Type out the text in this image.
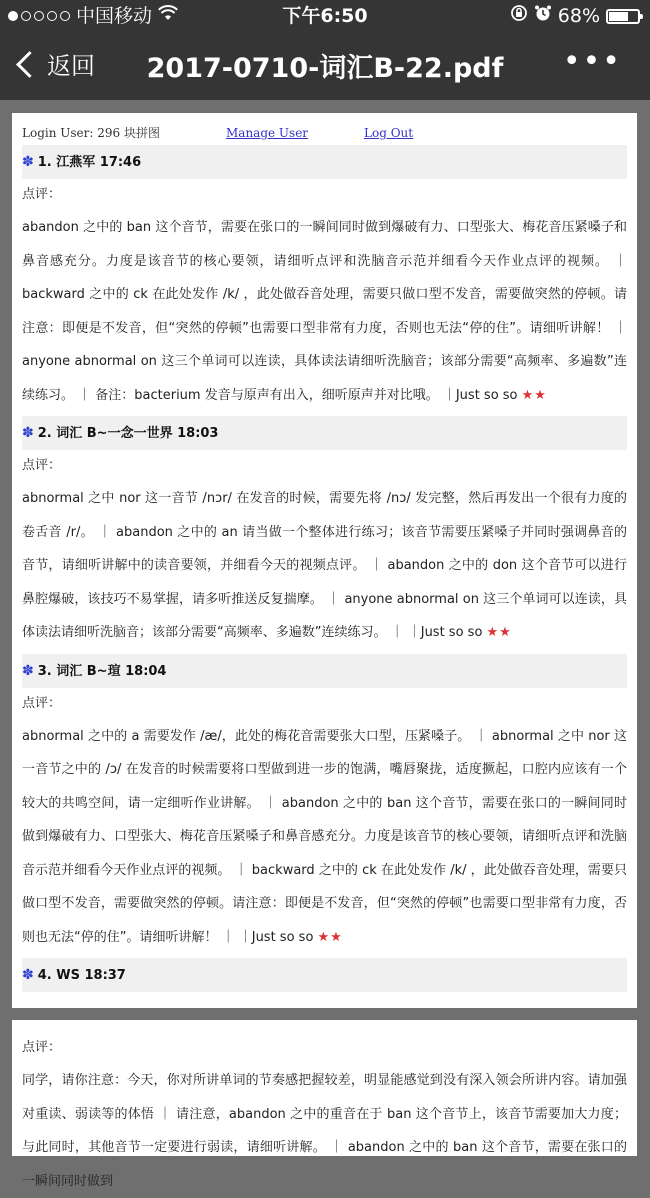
中国移动	下午6:50	68%
返回	2017-0710-词汇B-22.pdf	•••
Login User: 296 块拼图	Manage User	Log Out
✽ 1. 江燕军 17:46
点评：

abandon 之中的 ban 这个音节，需要在张口的一瞬间同时做到爆破有力、口型张大、梅花音压紧嗓子和鼻音感充分。力度是该音节的核心要领，请细听点评和洗脑音示范并细看今天作业点评的视频。 ｜ backward 之中的 ck 在此处发作 /k/ ，此处做吞音处理，需要只做口型不发音，需要做突然的停顿。请注意：即便是不发音，但“突然的停顿”也需要口型非常有力度，否则也无法“停的住”。请细听讲解！ ｜ anyone abnormal on 这三个单词可以连读，具体读法请细听洗脑音；该部分需要“高频率、多遍数”连续练习。 ｜ 备注：bacterium 发音与原声有出入，细听原声并对比哦。 ｜Just so so ★★

✽ 2. 词汇 B~一念一世界 18:03
点评：

abnormal 之中 nor 这一音节 /nɔr/ 在发音的时候，需要先将 /nɔ/ 发完整，然后再发出一个很有力度的卷舌音 /r/。 ｜ abandon 之中的 an 请当做一个整体进行练习；该音节需要压紧嗓子并同时强调鼻音的音节，请细听讲解中的读音要领，并细看今天的视频点评。 ｜ abandon 之中的 don 这个音节可以进行鼻腔爆破，该技巧不易掌握，请多听推送反复揣摩。 ｜ anyone abnormal on 这三个单词可以连读，具体读法请细听洗脑音；该部分需要“高频率、多遍数”连续练习。 ｜ ｜Just so so ★★

✽ 3. 词汇 B~瑄 18:04
点评：

abnormal 之中的 a 需要发作 /æ/，此处的梅花音需要张大口型，压紧嗓子。 ｜ abnormal 之中 nor 这一音节之中的 /ɔ/ 在发音的时候需要将口型做到进一步的饱满，嘴唇聚拢，适度撅起，口腔内应该有一个较大的共鸣空间，请一定细听作业讲解。 ｜ abandon 之中的 ban 这个音节，需要在张口的一瞬间同时做到爆破有力、口型张大、梅花音压紧嗓子和鼻音感充分。力度是该音节的核心要领，请细听点评和洗脑音示范并细看今天作业点评的视频。 ｜ backward 之中的 ck 在此处发作 /k/ ，此处做吞音处理，需要只做口型不发音，需要做突然的停顿。请注意：即便是不发音，但“突然的停顿”也需要口型非常有力度，否则也无法“停的住”。请细听讲解！ ｜ ｜Just so so ★★

✽ 4. WS 18:37
点评：

同学，请你注意：今天，你对所讲单词的节奏感把握较差，明显能感觉到没有深入领会所讲内容。请加强对重读、弱读等的体悟 ｜ 请注意，abandon 之中的重音在于 ban 这个音节上，该音节需要加大力度；与此同时，其他音节一定要进行弱读，请细听讲解。 ｜ abandon 之中的 ban 这个音节，需要在张口的一瞬间同时做到
